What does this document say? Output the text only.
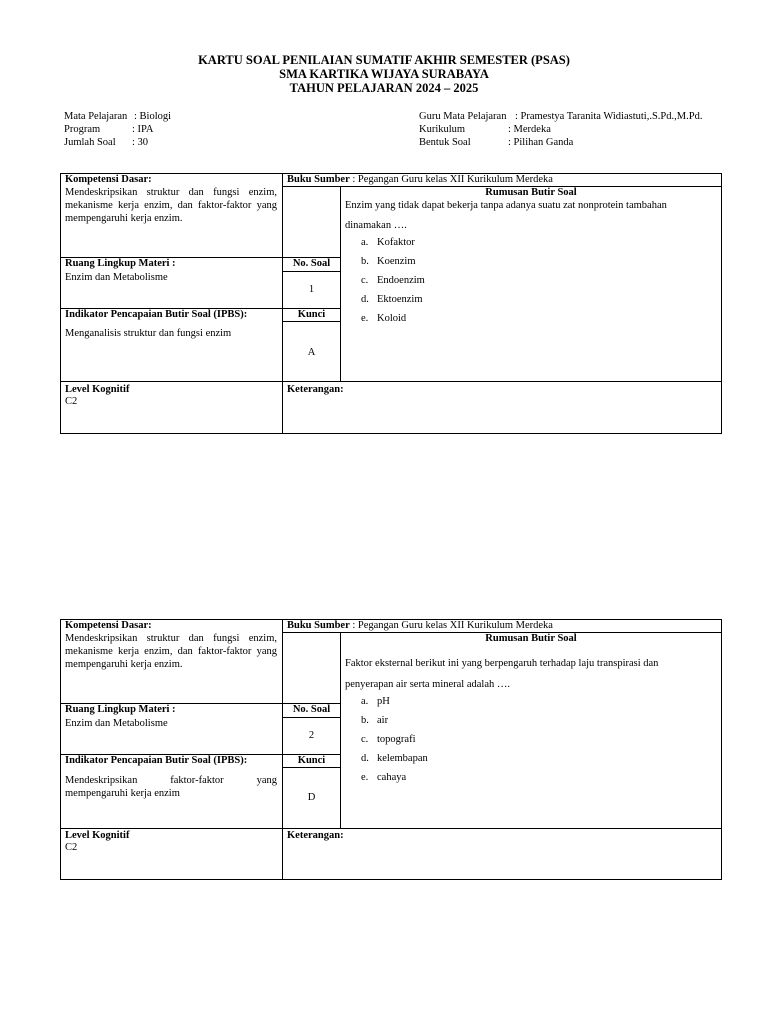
KARTU SOAL PENILAIAN SUMATIF AKHIR SEMESTER (PSAS)
SMA KARTIKA WIJAYA SURABAYA
TAHUN PELAJARAN 2024 – 2025
Mata Pelajaran : Biologi
Program	: IPA
Jumlah Soal : 30
Guru Mata Pelajaran : Pramestya Taranita Widiastuti,.S.Pd.,M.Pd.
Kurikulum	: Merdeka
Bentuk Soal	: Pilihan Ganda
Kompetensi Dasar:
Mendeskripsikan struktur dan fungsi enzim,
mekanisme kerja enzim, dan faktor-faktor yang
mempengaruhi kerja enzim.
Buku Sumber : Pegangan Guru kelas XII Kurikulum Merdeka
Rumusan Butir Soal
Enzim yang tidak dapat bekerja tanpa adanya suatu zat nonprotein tambahan
dinamakan ….
a. Kofaktor
b. Koenzim
c. Endoenzim
d. Ektoenzim
e. Koloid
Ruang Lingkup Materi :
Enzim dan Metabolisme
No. Soal
1
Indikator Pencapaian Butir Soal (IPBS):
Menganalisis struktur dan fungsi enzim
Kunci
A
Level Kognitif
C2
Keterangan:
Kompetensi Dasar:
Mendeskripsikan struktur dan fungsi enzim,
mekanisme kerja enzim, dan faktor-faktor yang
mempengaruhi kerja enzim.
Buku Sumber : Pegangan Guru kelas XII Kurikulum Merdeka
Rumusan Butir Soal
Faktor eksternal berikut ini yang berpengaruh terhadap laju transpirasi dan
penyerapan air serta mineral adalah ….
a. pH
b. air
c. topografi
d. kelembapan
e. cahaya
Ruang Lingkup Materi :
Enzim dan Metabolisme
No. Soal
2
Indikator Pencapaian Butir Soal (IPBS):
Mendeskripsikan faktor-faktor yang
mempengaruhi kerja enzim
Kunci
D
Level Kognitif
C2
Keterangan:
